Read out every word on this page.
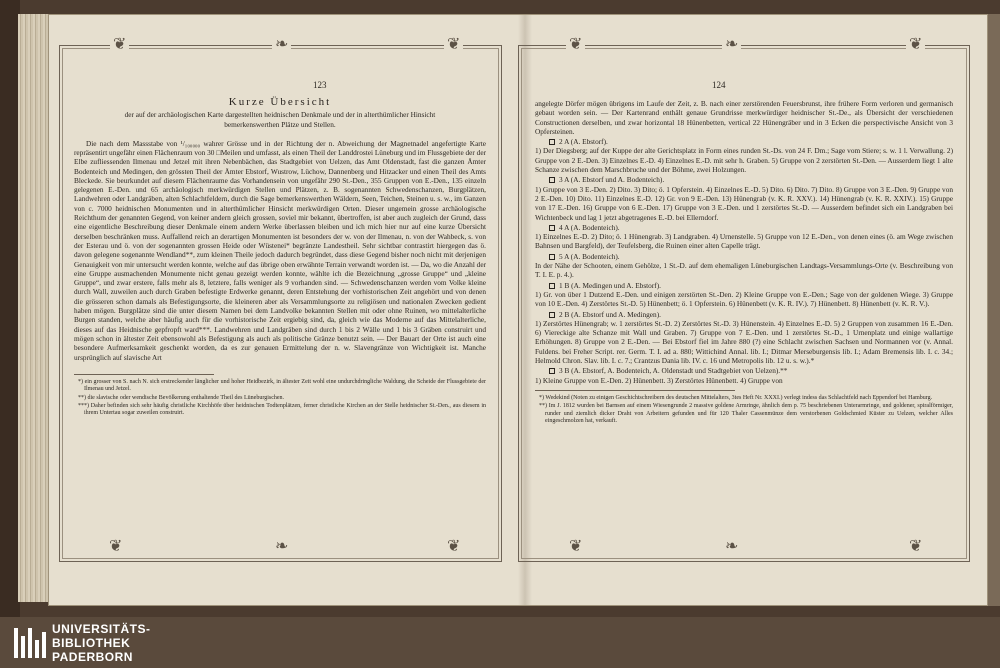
❦	❧	❦
❦	❧	❦
❦	❧	❦
❦	❧	❦
123	124
Kurze Übersicht
der auf der archäologischen Karte dargestellten heidnischen Denkmale und der in alterthümlicher Hinsicht bemerkenswerthen Plätze und Stellen.

Die nach dem Massstabe von ¹/₁₀₀₀₀₀ wahrer Grösse und in der Richtung der n. Abweichung der Magnetnadel angefertigte Karte repräsentirt ungefähr einen Flächenraum von 30 □Meilen und umfasst, als einen Theil der Landdrostei Lüneburg und im Flussgebiete der der Elbe zufliessenden Ilmenau und Jetzel mit ihren Nebenbächen, das Stadtgebiet von Uelzen, das Amt Oldenstadt, fast die ganzen Ämter Bodenteich und Medingen, den grössten Theil der Ämter Ebstorf, Wustrow, Lüchow, Dannenberg und Hitzacker und einen Theil des Amts Bleckede. Sie beurkundet auf diesem Flächenraume das Vorhandensein von ungefähr 290 St.-Den., 355 Gruppen von E.-Den., 135 einzeln gelegenen E.-Den. und 65 archäologisch merkwürdigen Stellen und Plätzen, z. B. sogenannten Schwedenschanzen, Burgplätzen, Landwehren oder Landgräben, alten Schlachtfeldern, durch die Sage bemerkenswerthen Wäldern, Seen, Teichen, Steinen u. s. w., im Ganzen von c. 7000 heidnischen Monumenten und in alterthümlicher Hinsicht merkwürdigen Orten. Dieser ungemein grosse archäologische Reichthum der genannten Gegend, von keiner andern gleich grossen, soviel mir bekannt, übertroffen, ist aber auch zugleich der Grund, dass eine eigentliche Beschreibung dieser Denkmale einem andern Werke überlassen bleiben und ich mich hier nur auf eine kurze Übersicht derselben beschränken muss. Auffallend reich an derartigen Monumenten ist besonders der w. von der Ilmenau, n. von der Wahbeck, s. von der Esterau und ö. von der sogenannten grossen Heide oder Wüstenei* begränzte Landestheil. Sehr sichtbar contrastirt hiergegen das ö. davon gelegene sogenannte Wendland**, zum kleinen Theile jedoch dadurch begründet, dass diese Gegend bisher noch nicht mit derjenigen Genauigkeit von mir untersucht werden konnte, welche auf das übrige oben erwähnte Terrain verwandt worden ist. — Da, wo die Anzahl der eine Gruppe ausmachenden Monumente nicht genau gezeigt werden konnte, wählte ich die Bezeichnung „grosse Gruppe“ und „kleine Gruppe“, und zwar erstere, falls mehr als 8, letztere, falls weniger als 9 vorhanden sind. — Schwedenschanzen werden vom Volke kleine durch Wall, zuweilen auch durch Graben befestigte Erdwerke genannt, deren Entstehung der vorhistorischen Zeit angehört und von denen die grösseren schon damals als Befestigungsorte, die kleineren aber als Versammlungsorte zu religiösen und nationalen Zwecken gedient haben mögen. Burgplätze sind die unter diesem Namen bei dem Landvolke bekannten Stellen mit oder ohne Ruinen, wo mittelalterliche Burgen standen, welche aber häufig auch für die vorhistorische Zeit ergiebig sind, da, gleich wie das Moderne auf das Mittelalterliche, dieses auf das Heidnische gepfropft ward***. Landwehren und Landgräben sind durch 1 bis 2 Wälle und 1 bis 3 Gräben construirt und mögen schon in ältester Zeit ebensowohl als Befestigung als auch als politische Gränze benutzt sein. — Der Bauart der Orte ist auch eine besondere Aufmerksamkeit geschenkt worden, da es zur genauen Ermittelung der n. w. Slavengränze von Wichtigkeit ist. Manche ursprünglich auf slavische Art

*) ein grosser von S. nach N. sich erstreckender länglicher und hoher Heidbezirk, in ältester Zeit wohl eine undurchdringliche Waldung, die Scheide der Flussgebiete der Ilmenau und Jetzel.

**) die slavische oder wendische Bevölkerung enthaltende Theil des Lüneburgischen.

***) Daher befinden sich sehr häufig christliche Kirchhöfe über heidnischen Todtenplätzen, ferner christliche Kirchen an der Stelle heidnischer St.-Den., aus diesem in ihrem Untertau sogar zuweilen construirt.

angelegte Dörfer mögen übrigens im Laufe der Zeit, z. B. nach einer zerstörenden Feuersbrunst, ihre frühere Form verloren und germanisch gebaut worden sein. — Der Kartenrand enthält genaue Grundrisse merkwürdiger heidnischer St.-De., als Übersicht der verschiedenen Constructionen derselben, und zwar horizontal 18 Hünenbetten, vertical 22 Hünengräber und in 3 Ecken die perspectivische Ansicht von 3 Opfersteinen.

2 A (A. Ebstorf).

1) Der Diegsberg; auf der Kuppe der alte Gerichtsplatz in Form eines runden St.-Ds. von 24 F. Dm.; Sage vom Stiere; s. w. 1 l. Verwallung. 2) Gruppe von 2 E.-Den. 3) Einzelnes E.-D. 4) Einzelnes E.-D. mit sehr h. Graben. 5) Gruppe von 2 zerstörten St.-Den. — Ausserdem liegt 1 alte Schanze zwischen dem Marschbruche und der Böhme, zwei Holzungen.

3 A (A. Ebstorf und A. Bodenteich).

1) Gruppe von 3 E.-Den. 2) Dito. 3) Dito; ö. 1 Opferstein. 4) Einzelnes E.-D. 5) Dito. 6) Dito. 7) Dito. 8) Gruppe von 3 E.-Den. 9) Gruppe von 2 E.-Den. 10) Dito. 11) Einzelnes E.-D. 12) Gr. von 9 E.-Den. 13) Hünengrab (v. K. R. XXV.). 14) Hünengrab (v. K. R. XXIV.). 15) Gruppe von 17 E.-Den. 16) Gruppe von 6 E.-Den. 17) Gruppe von 3 E.-Den. und 1 zerstörtes St.-D. — Ausserdem befindet sich ein Landgraben bei Wichtenbeck und lag 1 jetzt abgetragenes E.-D. bei Ellerndorf.

4 A (A. Bodenteich).

1) Einzelnes E.-D. 2) Dito; ö. 1 Hünengrab. 3) Landgraben. 4) Urnenstelle. 5) Gruppe von 12 E.-Den., von denen eines (ö. am Wege zwischen Bahnsen und Bargfeld), der Teufelsberg, die Ruinen einer alten Capelle trägt.

5 A (A. Bodenteich).

In der Nähe der Schooten, einem Gehölze, 1 St.-D. auf dem ehemaligen Lüneburgischen Landtags-Versammlungs-Orte (v. Beschreibung von T. I. E. p. 4.).

1 B (A. Medingen und A. Ebstorf).

1) Gr. von über 1 Dutzend E.-Den. und einigen zerstörten St.-Den. 2) Kleine Gruppe von E.-Den.; Sage von der goldenen Wiege. 3) Gruppe von 10 E.-Den. 4) Zerstörtes St.-D. 5) Hünenbett; ö. 1 Opferstein. 6) Hünenbett (v. K. R. IV.). 7) Hünenbett. 8) Hünenbett (v. K. R. V.).

2 B (A. Ebstorf und A. Medingen).

1) Zerstörtes Hünengrab; w. 1 zerstörtes St.-D. 2) Zerstörtes St.-D. 3) Hünenstein. 4) Einzelnes E.-D. 5) 2 Gruppen von zusammen 16 E.-Den. 6) Viereckige alte Schanze mit Wall und Graben. 7) Gruppe von 7 E.-Den. und 1 zerstörtes St.-D., 1 Urnenplatz und einige wallartige Erhöhungen. 8) Gruppe von 2 E.-Den. — Bei Ebstorf fiel im Jahre 880 (?) eine Schlacht zwischen Sachsen und Normannen vor (v. Annal. Fuldens. bei Freher Script. rer. Germ. T. I. ad a. 880; Wittichind Annal. lib. I.; Ditmar Merseburgensis lib. I.; Adam Bremensis lib. I. c. 34.; Helmold Chron. Slav. lib. I. c. 7.; Crantzus Dania lib. IV. c. 16 und Metropolis lib. 12 u. s. w.).*

3 B (A. Ebstorf, A. Bodenteich, A. Oldenstadt und Stadtgebiet von Uelzen).**

1) Kleine Gruppe von E.-Den. 2) Hünenbett. 3) Zerstörtes Hünenbett. 4) Gruppe von

*) Wedekind (Noten zu einigen Geschichtschreibern des deutschen Mittelalters, 3tes Heft Nr. XXXI.) verlegt indess das Schlachtfeld nach Eppendorf bei Hamburg.

**) Im J. 1812 wurden bei Barnsen auf einem Wiesengrunde 2 massive goldene Armringe, ähnlich dem p. 75 beschriebenen Unterarmringe, und goldener, spiralförmiger, runder und ziemlich dicker Draht von Arbeitern gefunden und für 120 Thaler Cassenmünze dem verstorbenen Goldschmied Küster zu Uelzen, welcher Alles eingeschmolzen hat, verkauft.

UNIVERSITÄTS-
BIBLIOTHEK
PADERBORN
